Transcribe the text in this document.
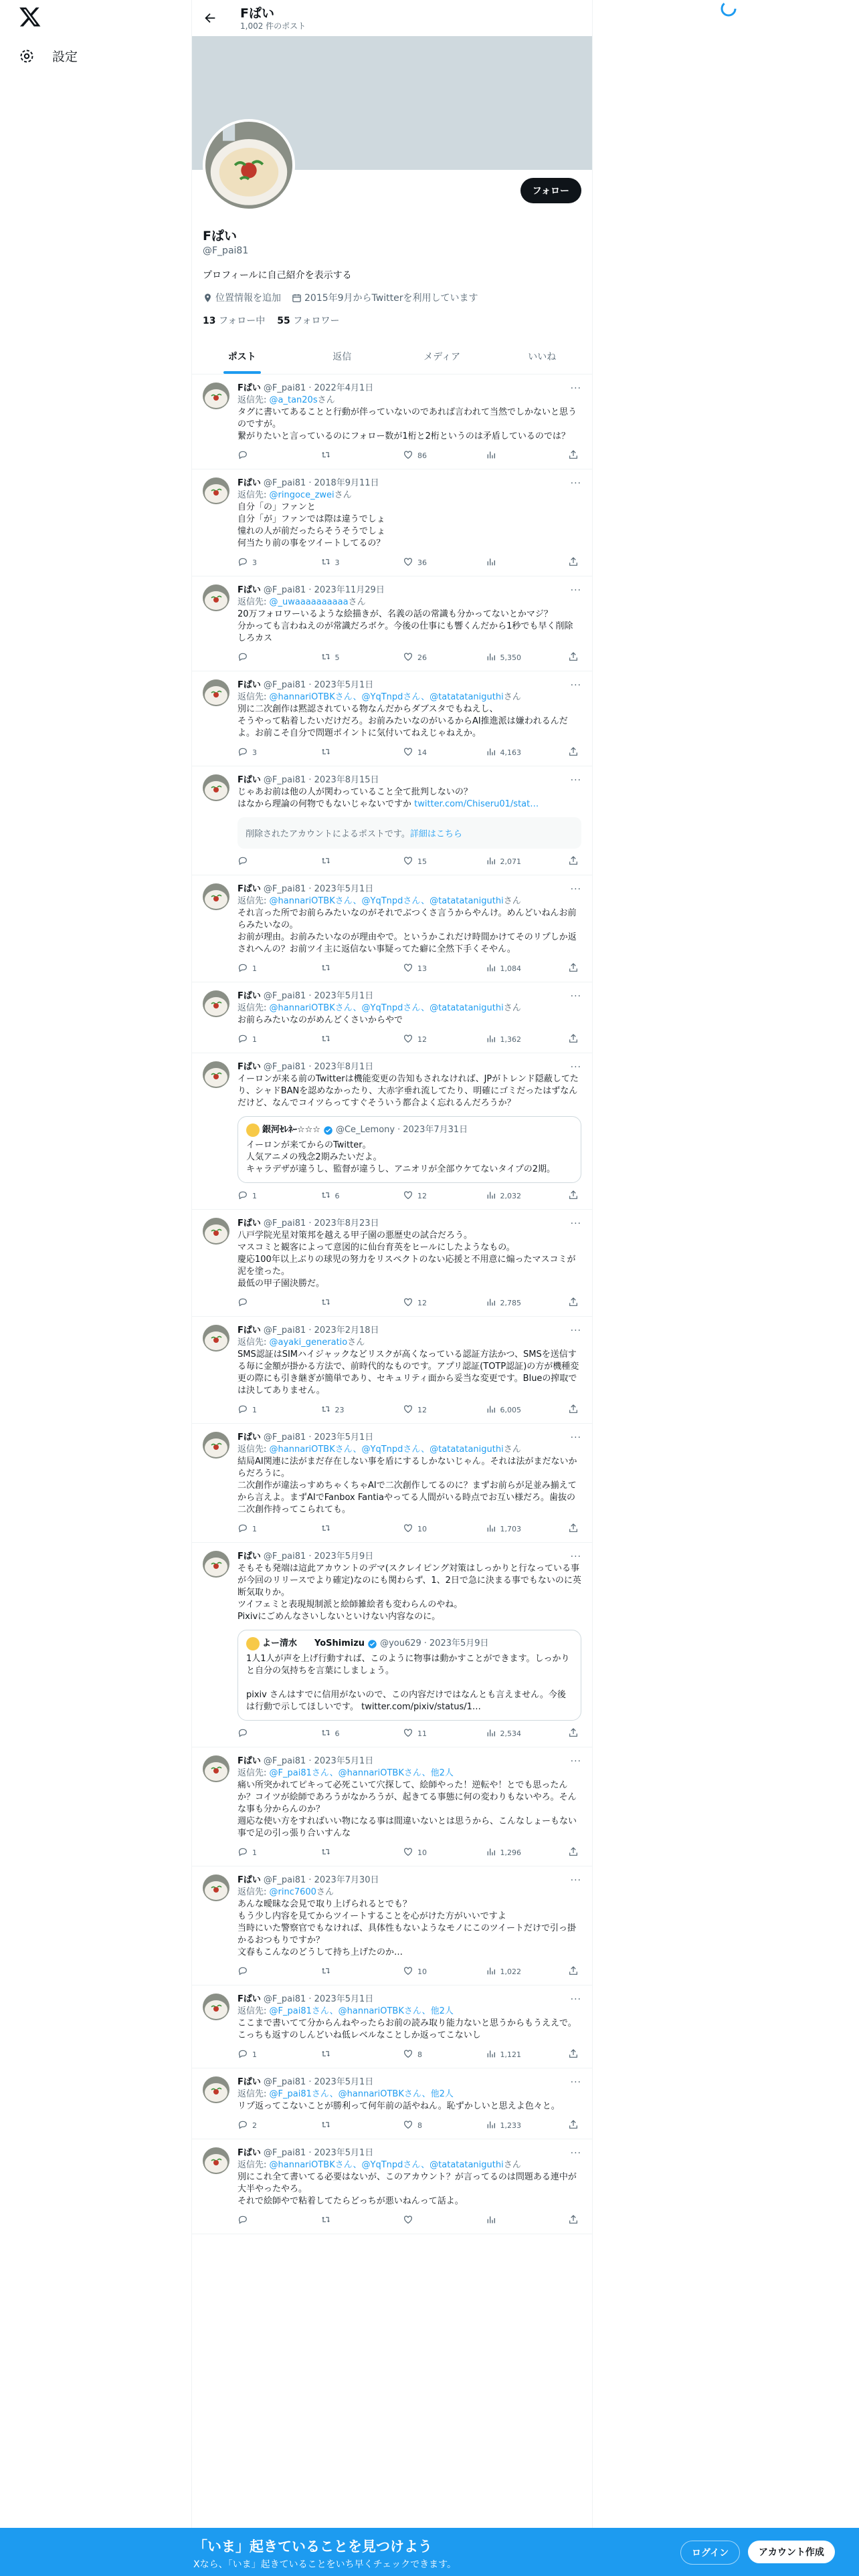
設定
Fぱい
1,002 件のポスト
フォロー
Fぱい
@F_pai81
プロフィールに自己紹介を表示する
位置情報を追加	2015年9月からTwitterを利用しています
13 フォロー中 55 フォロワー
ポスト	返信	メディア	いいね
Fぱい @F_pai81 · 2022年4月1日	···
返信先: @a_tan20sさん
タグに書いてあることと行動が伴っていないのであれば言われて当然でしかないと思うのですが。
繋がりたいと言っているのにフォロー数が1桁と2桁というのは矛盾しているのでは？
86
Fぱい @F_pai81 · 2018年9月11日	···
返信先: @ringoce_zweiさん
自分「の」ファンと
自分「が」ファンでは際は違うでしょ
憧れの人が前だったらそうそうでしょ
何当たり前の事をツイートしてるの？
3	3	36
Fぱい @F_pai81 · 2023年11月29日	···
返信先: @_uwaaaaaaaaaaさん
20万フォロワーいるような絵描きが、名義の話の常識も分かってないとかマジ？
分かっても言わねえのが常識だろボケ。今後の仕事にも響くんだから1秒でも早く削除しろカス
5	26	5,350
Fぱい @F_pai81 · 2023年5月1日	···
返信先: @hannariOTBKさん、@YqTnpdさん、@tatatataniguthiさん
別に二次創作は黙認されている物なんだからダブスタでもねえし、
そうやって粘着したいだけだろ。お前みたいなのがいるからAI推進派は嫌われるんだよ。お前こそ自分で問題ポイントに気付いてねえじゃねえか。
3	14	4,163
Fぱい @F_pai81 · 2023年8月15日	···
じゃあお前は他の人が関わっていること全て批判しないの？
はなから理論の何物でもないじゃないですか twitter.com/Chiseru01/stat…
削除されたアカウントによるポストです。詳細はこちら
15	2,071
Fぱい @F_pai81 · 2023年5月1日	···
返信先: @hannariOTBKさん、@YqTnpdさん、@tatatataniguthiさん
それ言った所でお前らみたいなのがそれでぶつくさ言うからやんけ。めんどいねんお前らみたいなの。
お前が理由。お前みたいなのが理由やで。というかこれだけ時間かけてそのリプしか返されへんの？お前ツイ主に返信ない事疑ってた癖に全然下手くそやん。
1	13	1,084
Fぱい @F_pai81 · 2023年5月1日	···
返信先: @hannariOTBKさん、@YqTnpdさん、@tatatataniguthiさん
お前らみたいなのがめんどくさいからやで
1	12	1,362
Fぱい @F_pai81 · 2023年8月1日	···
イーロンが来る前のTwitterは機能変更の告知もされなければ、JPがトレンド隠蔽してたり、シャドBANを認めなかったり、大赤字垂れ流してたり、明確にゴミだったはずなんだけど、なんでコイツらってすぐそういう都合よく忘れるんだろうか？
銀河ｾﾚﾈｰ☆☆☆ @Ce_Lemony · 2023年7月31日
イーロンが来てからのTwitter。
人気アニメの残念2期みたいだよ。
キャラデザが違うし、監督が違うし、アニオリが全部ウケてないタイプの2期。
1	6	12	2,032
Fぱい @F_pai81 · 2023年8月23日	···
八戸学院光星対策邦を越える甲子園の悪歴史の試合だろう。
マスコミと観客によって意図的に仙台育英をヒールにしたようなもの。
慶応100年以上ぶりの球児の努力をリスペクトのない応援と不用意に煽ったマスコミが泥を塗った。
最低の甲子園決勝だ。
12	2,785
Fぱい @F_pai81 · 2023年2月18日	···
返信先: @ayaki_generatioさん
SMS認証はSIMハイジャックなどリスクが高くなっている認証方法かつ、SMSを送信する毎に金額が掛かる方法で、前時代的なものです。アプリ認証(TOTP認証)の方が機種変更の際にも引き継ぎが簡単であり、セキュリティ面から妥当な変更です。Blueの搾取では決してありません。
1	23	12	6,005
Fぱい @F_pai81 · 2023年5月1日	···
返信先: @hannariOTBKさん、@YqTnpdさん、@tatatataniguthiさん
結局AI関連に法がまだ存在しない事を盾にするしかないじゃん。それは法がまだないからだろうに。
二次創作が違法っすめちゃくちゃAIで二次創作してるのに？まずお前らが足並み揃えてから言えよ。まずAIでFanbox Fantiaやってる人間がいる時点でお互い様だろ。歯抜の二次創作持ってこられても。
1	10	1,703
Fぱい @F_pai81 · 2023年5月9日	···
そもそも発端は這此アカウントのデマ(スクレイピング対策はしっかりと行なっている事が今回のリリースでより確定)なのにも関わらず、1、2日で急に決まる事でもないのに英断気取りか。
ツイフェミと表現規制派と絵師雑絵者も変わらんのやね。
Pixivにごめんなさいしないといけない内容なのに。
よー清水　　YoShimizu @you629 · 2023年5月9日
1人1人が声を上げ行動すれば、このように物事は動かすことができます。しっかりと自分の気持ちを言葉にしましょう。

pixiv さんはすでに信用がないので、この内容だけではなんとも言えません。今後は行動で示してほしいです。 twitter.com/pixiv/status/1…
6	11	2,534
Fぱい @F_pai81 · 2023年5月1日	···
返信先: @F_pai81さん、@hannariOTBKさん、他2人
痛い所突かれてピキって必死こいて穴探して、絵師やった！逆転や！とでも思ったんか？コイツが絵師であろうがなかろうが、起きてる事態に何の変わりもないやろ。そんな事も分からんのか？
週応な使い方をすればいい物になる事は間違いないとは思うから、こんなしょーもない事で足の引っ張り合いすんな
1	10	1,296
Fぱい @F_pai81 · 2023年7月30日	···
返信先: @rinc7600さん
あんな曖昧な会見で取り上げられるとでも？
もう少し内容を見てからツイートすることを心がけた方がいいですよ
当時にいた警察官でもなければ、具体性もないようなモノにこのツイートだけで引っ掛かるおつもりですか？
文春もこんなのどうして持ち上げたのか…
10	1,022
Fぱい @F_pai81 · 2023年5月1日	···
返信先: @F_pai81さん、@hannariOTBKさん、他2人
ここまで書いてて分からんねやったらお前の読み取り能力ないと思うからもうええで。こっちも返すのしんどいね低レベルなことしか返ってこないし
1	8	1,121
Fぱい @F_pai81 · 2023年5月1日	···
返信先: @F_pai81さん、@hannariOTBKさん、他2人
リプ返ってこないことが勝利って何年前の話やねん。恥ずかしいと思えよ色々と。
2	8	1,233
Fぱい @F_pai81 · 2023年5月1日	···
返信先: @hannariOTBKさん、@YqTnpdさん、@tatatataniguthiさん
別にこれ全て書いてる必要はないが、このアカウント？が言ってるのは問題ある連中が大半やったやろ。
それで絵師やで粘着してたらどっちが悪いねんって話よ。
「いま」起きていることを見つけよう
Xなら、「いま」起きていることをいち早くチェックできます。
ログイン	アカウント作成
